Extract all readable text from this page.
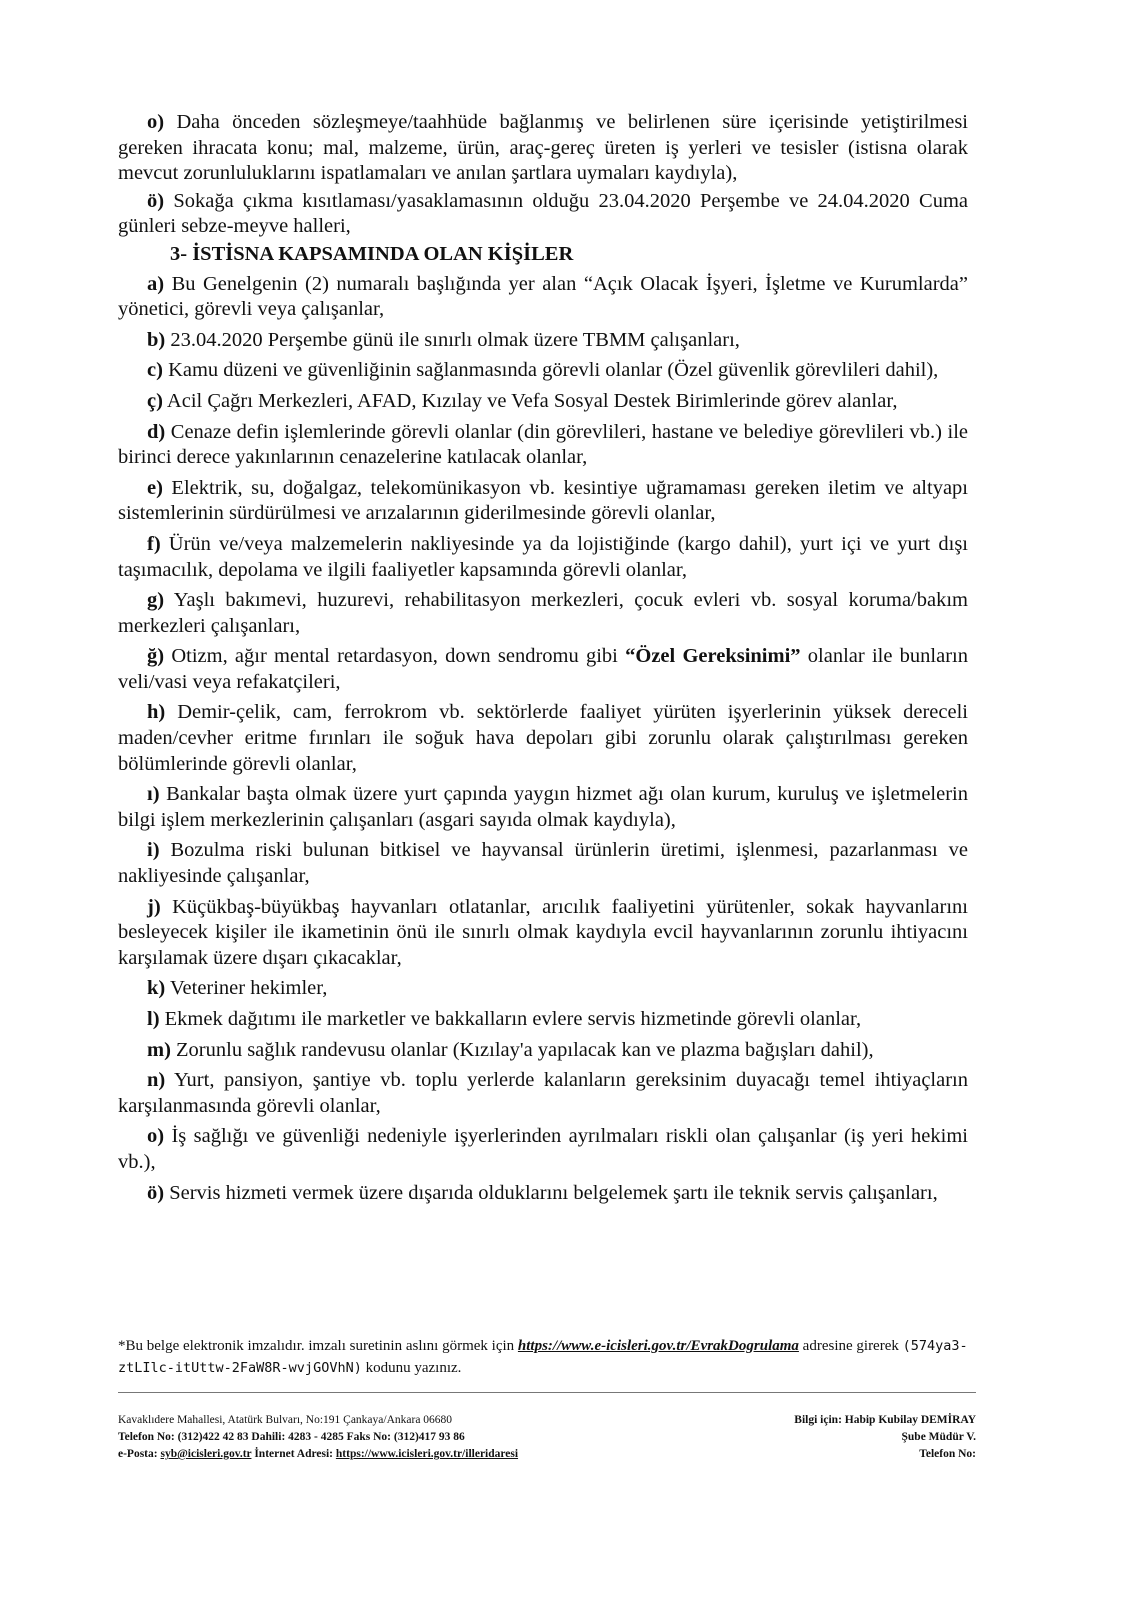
o) Daha önceden sözleşmeye/taahhüde bağlanmış ve belirlenen süre içerisinde yetiştirilmesi gereken ihracata konu; mal, malzeme, ürün, araç-gereç üreten iş yerleri ve tesisler (istisna olarak mevcut zorunluluklarını ispatlamaları ve anılan şartlara uymaları kaydıyla),

ö) Sokağa çıkma kısıtlaması/yasaklamasının olduğu 23.04.2020 Perşembe ve 24.04.2020 Cuma günleri sebze-meyve halleri,

3- İSTİSNA KAPSAMINDA OLAN KİŞİLER

a) Bu Genelgenin (2) numaralı başlığında yer alan “Açık Olacak İşyeri, İşletme ve Kurumlarda” yönetici, görevli veya çalışanlar,

b) 23.04.2020 Perşembe günü ile sınırlı olmak üzere TBMM çalışanları,

c) Kamu düzeni ve güvenliğinin sağlanmasında görevli olanlar (Özel güvenlik görevlileri dahil),

ç) Acil Çağrı Merkezleri, AFAD, Kızılay ve Vefa Sosyal Destek Birimlerinde görev alanlar,

d) Cenaze defin işlemlerinde görevli olanlar (din görevlileri, hastane ve belediye görevlileri vb.) ile birinci derece yakınlarının cenazelerine katılacak olanlar,

e) Elektrik, su, doğalgaz, telekomünikasyon vb. kesintiye uğramaması gereken iletim ve altyapı sistemlerinin sürdürülmesi ve arızalarının giderilmesinde görevli olanlar,

f) Ürün ve/veya malzemelerin nakliyesinde ya da lojistiğinde (kargo dahil), yurt içi ve yurt dışı taşımacılık, depolama ve ilgili faaliyetler kapsamında görevli olanlar,

g) Yaşlı bakımevi, huzurevi, rehabilitasyon merkezleri, çocuk evleri vb. sosyal koruma/bakım merkezleri çalışanları,

ğ) Otizm, ağır mental retardasyon, down sendromu gibi “Özel Gereksinimi” olanlar ile bunların veli/vasi veya refakatçileri,

h) Demir-çelik, cam, ferrokrom vb. sektörlerde faaliyet yürüten işyerlerinin yüksek dereceli maden/cevher eritme fırınları ile soğuk hava depoları gibi zorunlu olarak çalıştırılması gereken bölümlerinde görevli olanlar,

ı) Bankalar başta olmak üzere yurt çapında yaygın hizmet ağı olan kurum, kuruluş ve işletmelerin bilgi işlem merkezlerinin çalışanları (asgari sayıda olmak kaydıyla),

i) Bozulma riski bulunan bitkisel ve hayvansal ürünlerin üretimi, işlenmesi, pazarlanması ve nakliyesinde çalışanlar,

j) Küçükbaş-büyükbaş hayvanları otlatanlar, arıcılık faaliyetini yürütenler, sokak hayvanlarını besleyecek kişiler ile ikametinin önü ile sınırlı olmak kaydıyla evcil hayvanlarının zorunlu ihtiyacını karşılamak üzere dışarı çıkacaklar,

k) Veteriner hekimler,

l) Ekmek dağıtımı ile marketler ve bakkalların evlere servis hizmetinde görevli olanlar,

m) Zorunlu sağlık randevusu olanlar (Kızılay'a yapılacak kan ve plazma bağışları dahil),

n) Yurt, pansiyon, şantiye vb. toplu yerlerde kalanların gereksinim duyacağı temel ihtiyaçların karşılanmasında görevli olanlar,

o) İş sağlığı ve güvenliği nedeniyle işyerlerinden ayrılmaları riskli olan çalışanlar (iş yeri hekimi vb.),

ö) Servis hizmeti vermek üzere dışarıda olduklarını belgelemek şartı ile teknik servis çalışanları,

*Bu belge elektronik imzalıdır. imzalı suretinin aslını görmek için https://www.e-icisleri.gov.tr/EvrakDogrulama adresine girerek (574ya3-ztLIlc-itUttw-2FaW8R-wvjGOVhN) kodunu yazınız.
Kavaklıdere Mahallesi, Atatürk Bulvarı, No:191 Çankaya/Ankara 06680
Telefon No: (312)422 42 83 Dahili: 4283 - 4285 Faks No: (312)417 93 86
e-Posta: syb@icisleri.gov.tr İnternet Adresi: https://www.icisleri.gov.tr/illeridaresi
Bilgi için: Habip Kubilay DEMİRAY
Şube Müdür V.
Telefon No:
